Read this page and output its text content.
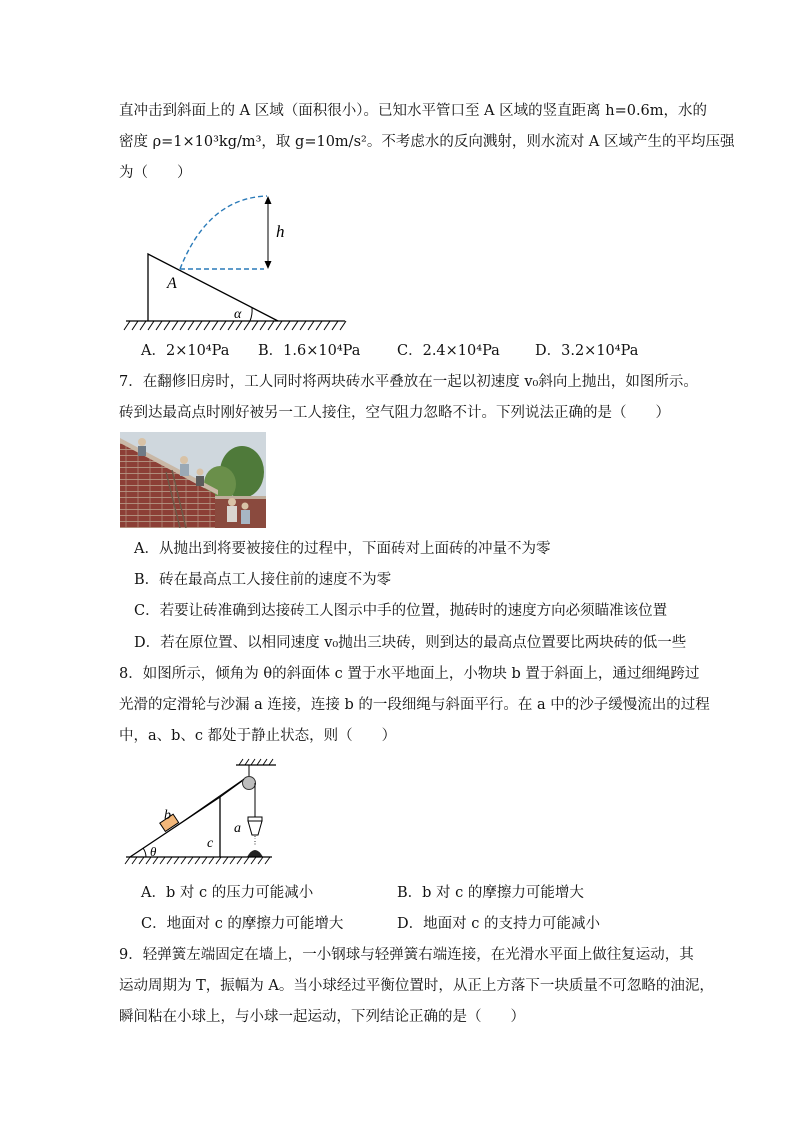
直冲击到斜面上的 A 区域（面积很小）。已知水平管口至 A 区域的竖直距离 h=0.6m，水的
密度 ρ=1×10³kg/m³，取 g=10m/s²。不考虑水的反向溅射，则水流对 A 区域产生的平均压强
为（　　）
h
A
α
A．2×10⁴Pa B．1.6×10⁴Pa	C．2.4×10⁴Pa D．3.2×10⁴Pa
7．在翻修旧房时，工人同时将两块砖水平叠放在一起以初速度 v₀斜向上抛出，如图所示。
砖到达最高点时刚好被另一工人接住，空气阻力忽略不计。下列说法正确的是（　　）
A．从抛出到将要被接住的过程中，下面砖对上面砖的冲量不为零
B．砖在最高点工人接住前的速度不为零
C．若要让砖准确到达接砖工人图示中手的位置，抛砖时的速度方向必须瞄准该位置
D．若在原位置、以相同速度 v₀抛出三块砖，则到达的最高点位置要比两块砖的低一些
8．如图所示，倾角为 θ的斜面体 c 置于水平地面上，小物块 b 置于斜面上，通过细绳跨过
光滑的定滑轮与沙漏 a 连接，连接 b 的一段细绳与斜面平行。在 a 中的沙子缓慢流出的过程
中，a、b、c 都处于静止状态，则（　　）
θ
b
c
a
A．b 对 c 的压力可能减小	B．b 对 c 的摩擦力可能增大
C．地面对 c 的摩擦力可能增大	D．地面对 c 的支持力可能减小
9．轻弹簧左端固定在墙上，一小钢球与轻弹簧右端连接，在光滑水平面上做往复运动，其
运动周期为 T，振幅为 A。当小球经过平衡位置时，从正上方落下一块质量不可忽略的油泥，
瞬间粘在小球上，与小球一起运动，下列结论正确的是（　　）
